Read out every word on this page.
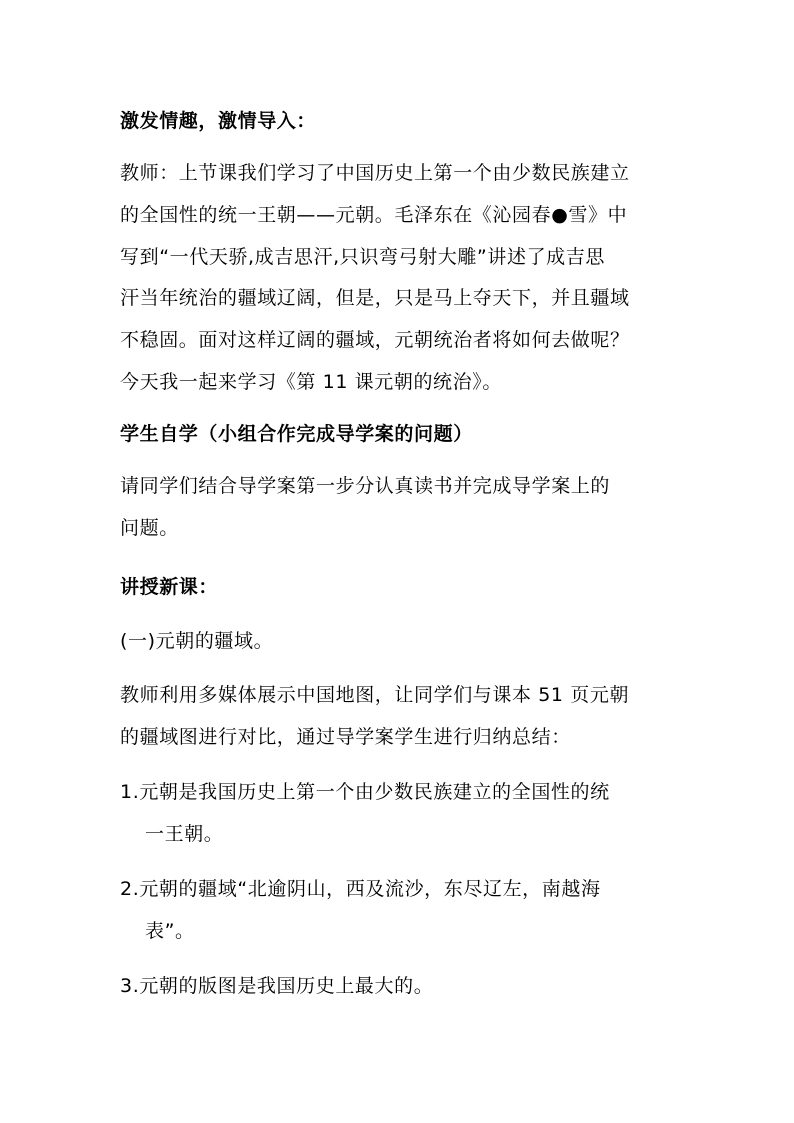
激发情趣，激情导入：
教师：上节课我们学习了中国历史上第一个由少数民族建立
的全国性的统一王朝——元朝。毛泽东在《沁园春●雪》中
写到“一代天骄,成吉思汗,只识弯弓射大雕”讲述了成吉思
汗当年统治的疆域辽阔，但是，只是马上夺天下，并且疆域
不稳固。面对这样辽阔的疆域，元朝统治者将如何去做呢？
今天我一起来学习《第 11 课元朝的统治》。
学生自学（小组合作完成导学案的问题）
请同学们结合导学案第一步分认真读书并完成导学案上的
问题。
讲授新课：
(一)元朝的疆域。
教师利用多媒体展示中国地图，让同学们与课本 51 页元朝
的疆域图进行对比，通过导学案学生进行归纳总结：
1.元朝是我国历史上第一个由少数民族建立的全国性的统
一王朝。
2.元朝的疆域“北逾阴山，西及流沙，东尽辽左，南越海
表”。
3.元朝的版图是我国历史上最大的。
